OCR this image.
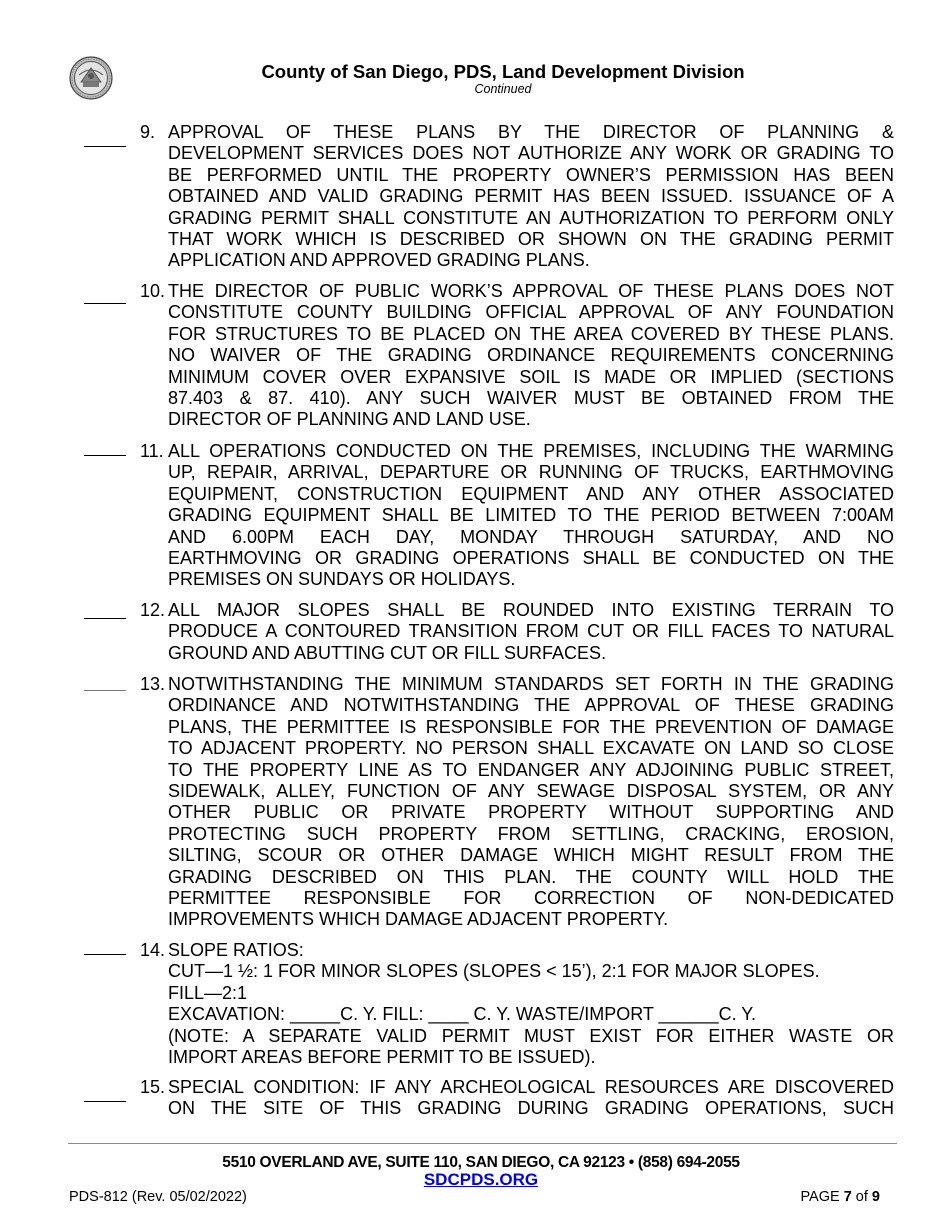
County of San Diego, PDS, Land Development Division
Continued
9. APPROVAL OF THESE PLANS BY THE DIRECTOR OF PLANNING &
DEVELOPMENT SERVICES DOES NOT AUTHORIZE ANY WORK OR GRADING TO
BE PERFORMED UNTIL THE PROPERTY OWNER’S PERMISSION HAS BEEN
OBTAINED AND VALID GRADING PERMIT HAS BEEN ISSUED. ISSUANCE OF A
GRADING PERMIT SHALL CONSTITUTE AN AUTHORIZATION TO PERFORM ONLY
THAT WORK WHICH IS DESCRIBED OR SHOWN ON THE GRADING PERMIT
APPLICATION AND APPROVED GRADING PLANS.
10. THE DIRECTOR OF PUBLIC WORK’S APPROVAL OF THESE PLANS DOES NOT
CONSTITUTE COUNTY BUILDING OFFICIAL APPROVAL OF ANY FOUNDATION
FOR STRUCTURES TO BE PLACED ON THE AREA COVERED BY THESE PLANS.
NO WAIVER OF THE GRADING ORDINANCE REQUIREMENTS CONCERNING
MINIMUM COVER OVER EXPANSIVE SOIL IS MADE OR IMPLIED (SECTIONS
87.403 & 87. 410). ANY SUCH WAIVER MUST BE OBTAINED FROM THE
DIRECTOR OF PLANNING AND LAND USE.
11. ALL OPERATIONS CONDUCTED ON THE PREMISES, INCLUDING THE WARMING
UP, REPAIR, ARRIVAL, DEPARTURE OR RUNNING OF TRUCKS, EARTHMOVING
EQUIPMENT, CONSTRUCTION EQUIPMENT AND ANY OTHER ASSOCIATED
GRADING EQUIPMENT SHALL BE LIMITED TO THE PERIOD BETWEEN 7:00AM
AND 6.00PM EACH DAY, MONDAY THROUGH SATURDAY, AND NO
EARTHMOVING OR GRADING OPERATIONS SHALL BE CONDUCTED ON THE
PREMISES ON SUNDAYS OR HOLIDAYS.
12. ALL MAJOR SLOPES SHALL BE ROUNDED INTO EXISTING TERRAIN TO
PRODUCE A CONTOURED TRANSITION FROM CUT OR FILL FACES TO NATURAL
GROUND AND ABUTTING CUT OR FILL SURFACES.
13. NOTWITHSTANDING THE MINIMUM STANDARDS SET FORTH IN THE GRADING
ORDINANCE AND NOTWITHSTANDING THE APPROVAL OF THESE GRADING
PLANS, THE PERMITTEE IS RESPONSIBLE FOR THE PREVENTION OF DAMAGE
TO ADJACENT PROPERTY. NO PERSON SHALL EXCAVATE ON LAND SO CLOSE
TO THE PROPERTY LINE AS TO ENDANGER ANY ADJOINING PUBLIC STREET,
SIDEWALK, ALLEY, FUNCTION OF ANY SEWAGE DISPOSAL SYSTEM, OR ANY
OTHER PUBLIC OR PRIVATE PROPERTY WITHOUT SUPPORTING AND
PROTECTING SUCH PROPERTY FROM SETTLING, CRACKING, EROSION,
SILTING, SCOUR OR OTHER DAMAGE WHICH MIGHT RESULT FROM THE
GRADING DESCRIBED ON THIS PLAN. THE COUNTY WILL HOLD THE
PERMITTEE RESPONSIBLE FOR CORRECTION OF NON-DEDICATED
IMPROVEMENTS WHICH DAMAGE ADJACENT PROPERTY.
14. SLOPE RATIOS:
CUT—1 ½: 1 FOR MINOR SLOPES (SLOPES < 15’), 2:1 FOR MAJOR SLOPES.
FILL—2:1
EXCAVATION: _____C. Y. FILL: ____ C. Y. WASTE/IMPORT ______C. Y.
(NOTE: A SEPARATE VALID PERMIT MUST EXIST FOR EITHER WASTE OR
IMPORT AREAS BEFORE PERMIT TO BE ISSUED).
15. SPECIAL CONDITION: IF ANY ARCHEOLOGICAL RESOURCES ARE DISCOVERED
ON THE SITE OF THIS GRADING DURING GRADING OPERATIONS, SUCH
5510 OVERLAND AVE, SUITE 110, SAN DIEGO, CA 92123 • (858) 694-2055
SDCPDS.ORG
PDS-812 (Rev. 05/02/2022)	PAGE 7 of 9
